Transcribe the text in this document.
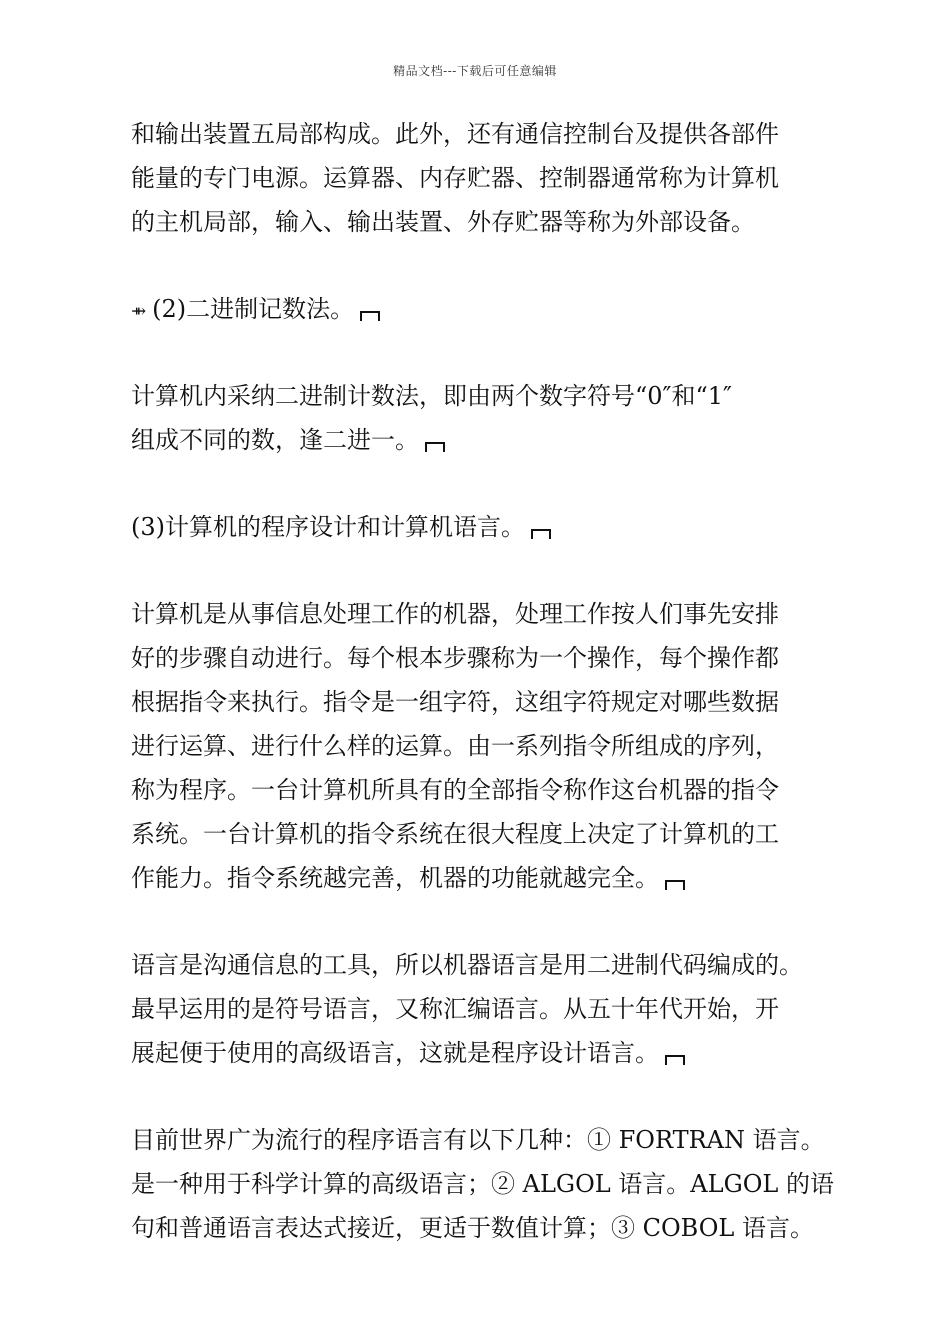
精品文档---下载后可任意编辑
和输出装置五局部构成。此外，还有通信控制台及提供各部件
能量的专门电源。运算器、内存贮器、控制器通常称为计算机
的主机局部，输入、输出装置、外存贮器等称为外部设备。
⇻ (2)二进制记数法。
计算机内采纳二进制计数法，即由两个数字符号“0″和“1″
组成不同的数，逢二进一。
(3)计算机的程序设计和计算机语言。
计算机是从事信息处理工作的机器，处理工作按人们事先安排
好的步骤自动进行。每个根本步骤称为一个操作，每个操作都
根据指令来执行。指令是一组字符，这组字符规定对哪些数据
进行运算、进行什么样的运算。由一系列指令所组成的序列，
称为程序。一台计算机所具有的全部指令称作这台机器的指令
系统。一台计算机的指令系统在很大程度上决定了计算机的工
作能力。指令系统越完善，机器的功能就越完全。
语言是沟通信息的工具，所以机器语言是用二进制代码编成的。
最早运用的是符号语言，又称汇编语言。从五十年代开始，开
展起便于使用的高级语言，这就是程序设计语言。
目前世界广为流行的程序语言有以下几种：① FORTRAN 语言。
是一种用于科学计算的高级语言；② ALGOL 语言。ALGOL 的语
句和普通语言表达式接近，更适于数值计算；③ COBOL 语言。
